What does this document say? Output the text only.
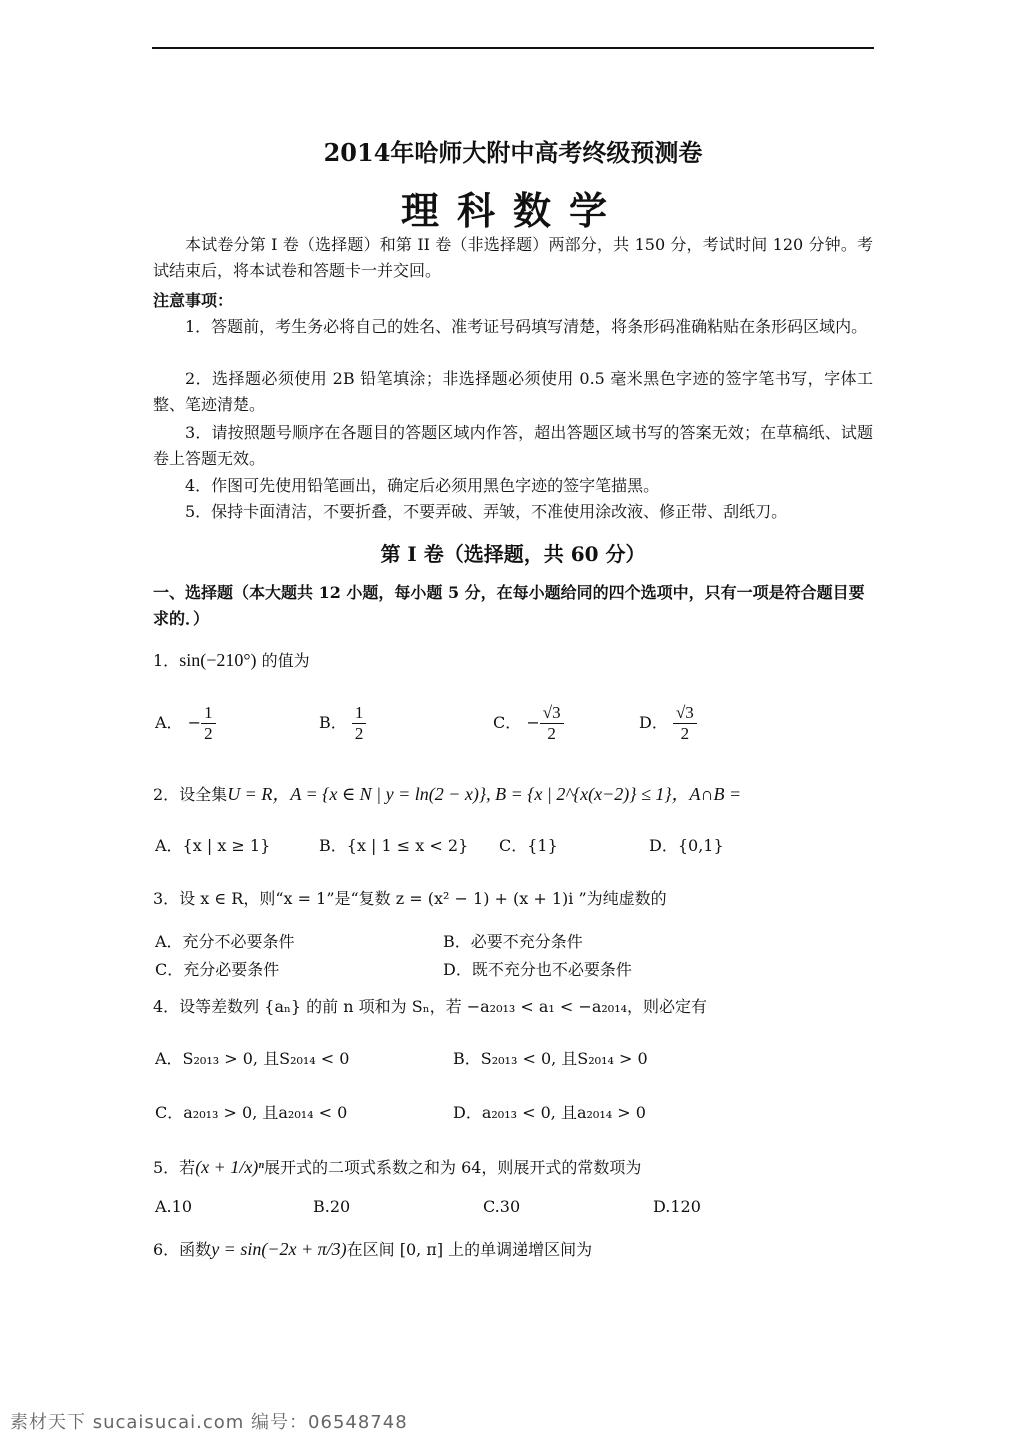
2014年哈师大附中高考终级预测卷
理科数学
本试卷分第 I 卷（选择题）和第 II 卷（非选择题）两部分，共 150 分，考试时间 120 分钟。考试结束后，将本试卷和答题卡一并交回。
注意事项：
1．答题前，考生务必将自己的姓名、准考证号码填写清楚，将条形码准确粘贴在条形码区域内。
2．选择题必须使用 2B 铅笔填涂；非选择题必须使用 0.5 毫米黑色字迹的签字笔书写，字体工整、笔迹清楚。
3．请按照题号顺序在各题目的答题区域内作答，超出答题区域书写的答案无效；在草稿纸、试题卷上答题无效。
4．作图可先使用铅笔画出，确定后必须用黑色字迹的签字笔描黑。
5．保持卡面清洁，不要折叠，不要弄破、弄皱，不准使用涂改液、修正带、刮纸刀。
第 I 卷（选择题，共 60 分）
一、选择题（本大题共 12 小题，每小题 5 分，在每小题给同的四个选项中，只有一项是符合题目要求的．）
1．sin(−210°) 的值为
A． − $\frac{1}{2}$	B． $\frac{1}{2}$	C． − $\frac{√3}{2}$	D． $\frac{√3}{2}$
2．设全集U = R，A = {x ∈ N | y = ln(2 − x)}, B = {x | 2^{x(x−2)} ≤ 1}，A∩B =
A．{x | x ≥ 1}	B．{x | 1 ≤ x < 2} C．{1}	D．{0,1}
3．设 x ∈ R，则“x = 1”是“复数 z = (x² − 1) + (x + 1)i ”为纯虚数的
A．充分不必要条件	B．必要不充分条件
C．充分必要条件	D．既不充分也不必要条件
4．设等差数列 {aₙ} 的前 n 项和为 Sₙ，若 −a₂₀₁₃ < a₁ < −a₂₀₁₄，则必定有
A．S₂₀₁₃ > 0, 且S₂₀₁₄ < 0	B．S₂₀₁₃ < 0, 且S₂₀₁₄ > 0
C．a₂₀₁₃ > 0, 且a₂₀₁₄ < 0	D．a₂₀₁₃ < 0, 且a₂₀₁₄ > 0
5．若(x + 1/x)ⁿ展开式的二项式系数之和为 64，则展开式的常数项为
A.10	B.20	C.30	D.120
6．函数y = sin(−2x + π/3)在区间 [0, π] 上的单调递增区间为
素材天下 sucaisucai.com 编号：06548748
